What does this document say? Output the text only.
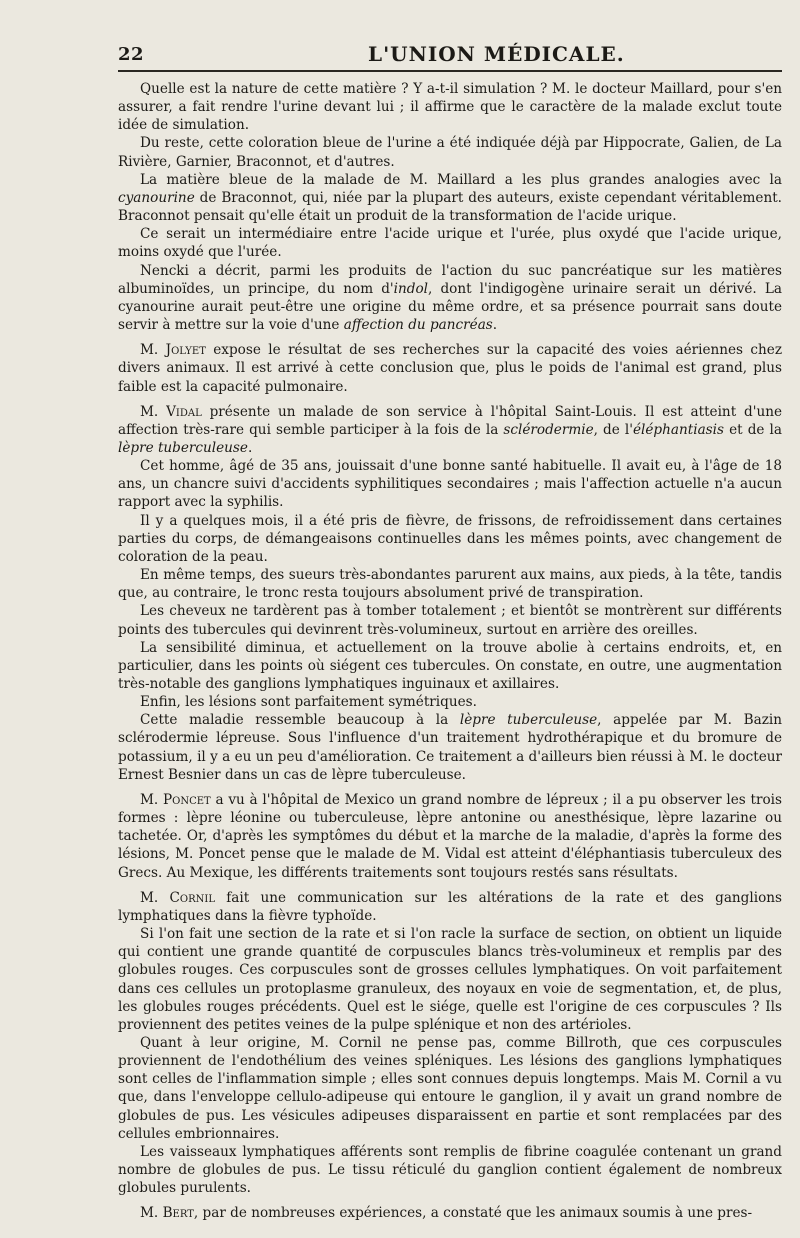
22	L'UNION MÉDICALE.

Quelle est la nature de cette matière ? Y a-t-il simulation ? M. le docteur Maillard, pour s'en assurer, a fait rendre l'urine devant lui ; il affirme que le caractère de la malade exclut toute idée de simulation.

Du reste, cette coloration bleue de l'urine a été indiquée déjà par Hippocrate, Galien, de La Rivière, Garnier, Braconnot, et d'autres.

La matière bleue de la malade de M. Maillard a les plus grandes analogies avec la cyanourine de Braconnot, qui, niée par la plupart des auteurs, existe cependant véritablement. Braconnot pensait qu'elle était un produit de la transformation de l'acide urique.

Ce serait un intermédiaire entre l'acide urique et l'urée, plus oxydé que l'acide urique, moins oxydé que l'urée.

Nencki a décrit, parmi les produits de l'action du suc pancréatique sur les matières albuminoïdes, un principe, du nom d'indol, dont l'indigogène urinaire serait un dérivé. La cyanourine aurait peut-être une origine du même ordre, et sa présence pourrait sans doute servir à mettre sur la voie d'une affection du pancréas.

M. Jolyet expose le résultat de ses recherches sur la capacité des voies aériennes chez divers animaux. Il est arrivé à cette conclusion que, plus le poids de l'animal est grand, plus faible est la capacité pulmonaire.

M. Vidal présente un malade de son service à l'hôpital Saint-Louis. Il est atteint d'une affection très-rare qui semble participer à la fois de la sclérodermie, de l'éléphantiasis et de la lèpre tuberculeuse.

Cet homme, âgé de 35 ans, jouissait d'une bonne santé habituelle. Il avait eu, à l'âge de 18 ans, un chancre suivi d'accidents syphilitiques secondaires ; mais l'affection actuelle n'a aucun rapport avec la syphilis.

Il y a quelques mois, il a été pris de fièvre, de frissons, de refroidissement dans certaines parties du corps, de démangeaisons continuelles dans les mêmes points, avec changement de coloration de la peau.

En même temps, des sueurs très-abondantes parurent aux mains, aux pieds, à la tête, tandis que, au contraire, le tronc resta toujours absolument privé de transpiration.

Les cheveux ne tardèrent pas à tomber totalement ; et bientôt se montrèrent sur différents points des tubercules qui devinrent très-volumineux, surtout en arrière des oreilles.

La sensibilité diminua, et actuellement on la trouve abolie à certains endroits, et, en particulier, dans les points où siégent ces tubercules. On constate, en outre, une augmentation très-notable des ganglions lymphatiques inguinaux et axillaires.

Enfin, les lésions sont parfaitement symétriques.

Cette maladie ressemble beaucoup à la lèpre tuberculeuse, appelée par M. Bazin sclérodermie lépreuse. Sous l'influence d'un traitement hydrothérapique et du bromure de potassium, il y a eu un peu d'amélioration. Ce traitement a d'ailleurs bien réussi à M. le docteur Ernest Besnier dans un cas de lèpre tuberculeuse.

M. Poncet a vu à l'hôpital de Mexico un grand nombre de lépreux ; il a pu observer les trois formes : lèpre léonine ou tuberculeuse, lèpre antonine ou anesthésique, lèpre lazarine ou tachetée. Or, d'après les symptômes du début et la marche de la maladie, d'après la forme des lésions, M. Poncet pense que le malade de M. Vidal est atteint d'éléphantiasis tuberculeux des Grecs. Au Mexique, les différents traitements sont toujours restés sans résultats.

M. Cornil fait une communication sur les altérations de la rate et des ganglions lymphatiques dans la fièvre typhoïde.

Si l'on fait une section de la rate et si l'on racle la surface de section, on obtient un liquide qui contient une grande quantité de corpuscules blancs très-volumineux et remplis par des globules rouges. Ces corpuscules sont de grosses cellules lymphatiques. On voit parfaitement dans ces cellules un protoplasme granuleux, des noyaux en voie de segmentation, et, de plus, les globules rouges précédents. Quel est le siége, quelle est l'origine de ces corpuscules ? Ils proviennent des petites veines de la pulpe splénique et non des artérioles.

Quant à leur origine, M. Cornil ne pense pas, comme Billroth, que ces corpuscules proviennent de l'endothélium des veines spléniques. Les lésions des ganglions lymphatiques sont celles de l'inflammation simple ; elles sont connues depuis longtemps. Mais M. Cornil a vu que, dans l'enveloppe cellulo-adipeuse qui entoure le ganglion, il y avait un grand nombre de globules de pus. Les vésicules adipeuses disparaissent en partie et sont remplacées par des cellules embrionnaires.

Les vaisseaux lymphatiques afférents sont remplis de fibrine coagulée contenant un grand nombre de globules de pus. Le tissu réticulé du ganglion contient également de nombreux globules purulents.

M. Bert, par de nombreuses expériences, a constaté que les animaux soumis à une pres-
